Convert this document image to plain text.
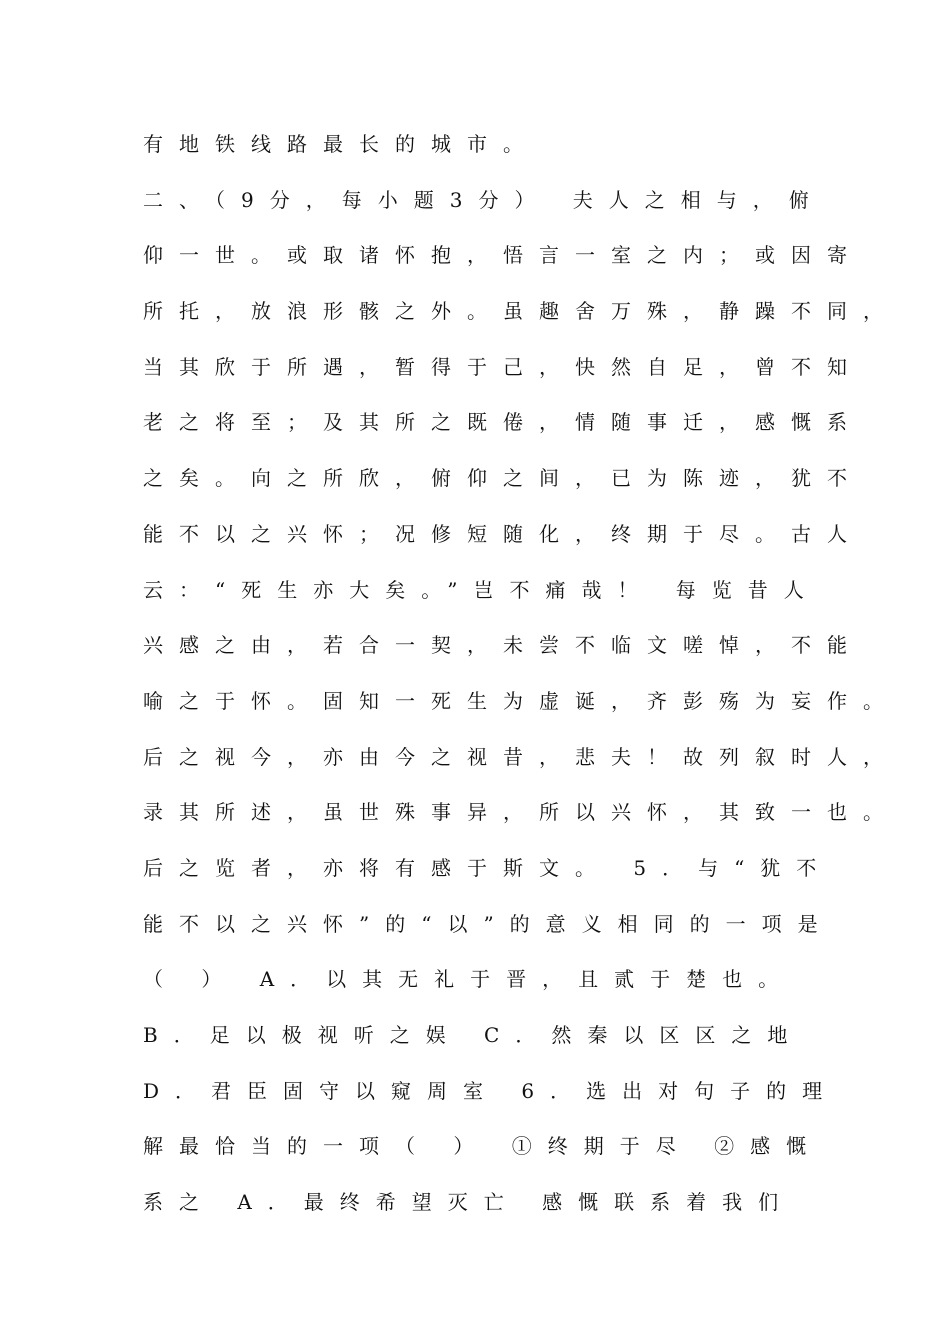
有地铁线路最长的城市。
二、（9分，每小题3分） 夫人之相与，俯
仰一世。或取诸怀抱，悟言一室之内；或因寄
所托，放浪形骸之外。虽趣舍万殊，静躁不同，
当其欣于所遇，暂得于己，快然自足，曾不知
老之将至；及其所之既倦，情随事迁，感慨系
之矣。向之所欣，俯仰之间，已为陈迹，犹不
能不以之兴怀；况修短随化，终期于尽。古人
云：“死生亦大矣。”岂不痛哉！ 每览昔人
兴感之由，若合一契，未尝不临文嗟悼，不能
喻之于怀。固知一死生为虚诞，齐彭殇为妄作。
后之视今，亦由今之视昔，悲夫！故列叙时人，
录其所述，虽世殊事异，所以兴怀，其致一也。
后之览者，亦将有感于斯文。 5．与“犹不
能不以之兴怀”的“以”的意义相同的一项是
（ ） A．以其无礼于晋，且贰于楚也。
B．足以极视听之娱 C．然秦以区区之地
D．君臣固守以窥周室 6．选出对句子的理
解最恰当的一项（ ） ①终期于尽 ②感慨
系之 A．最终希望灭亡 感慨联系着我们
